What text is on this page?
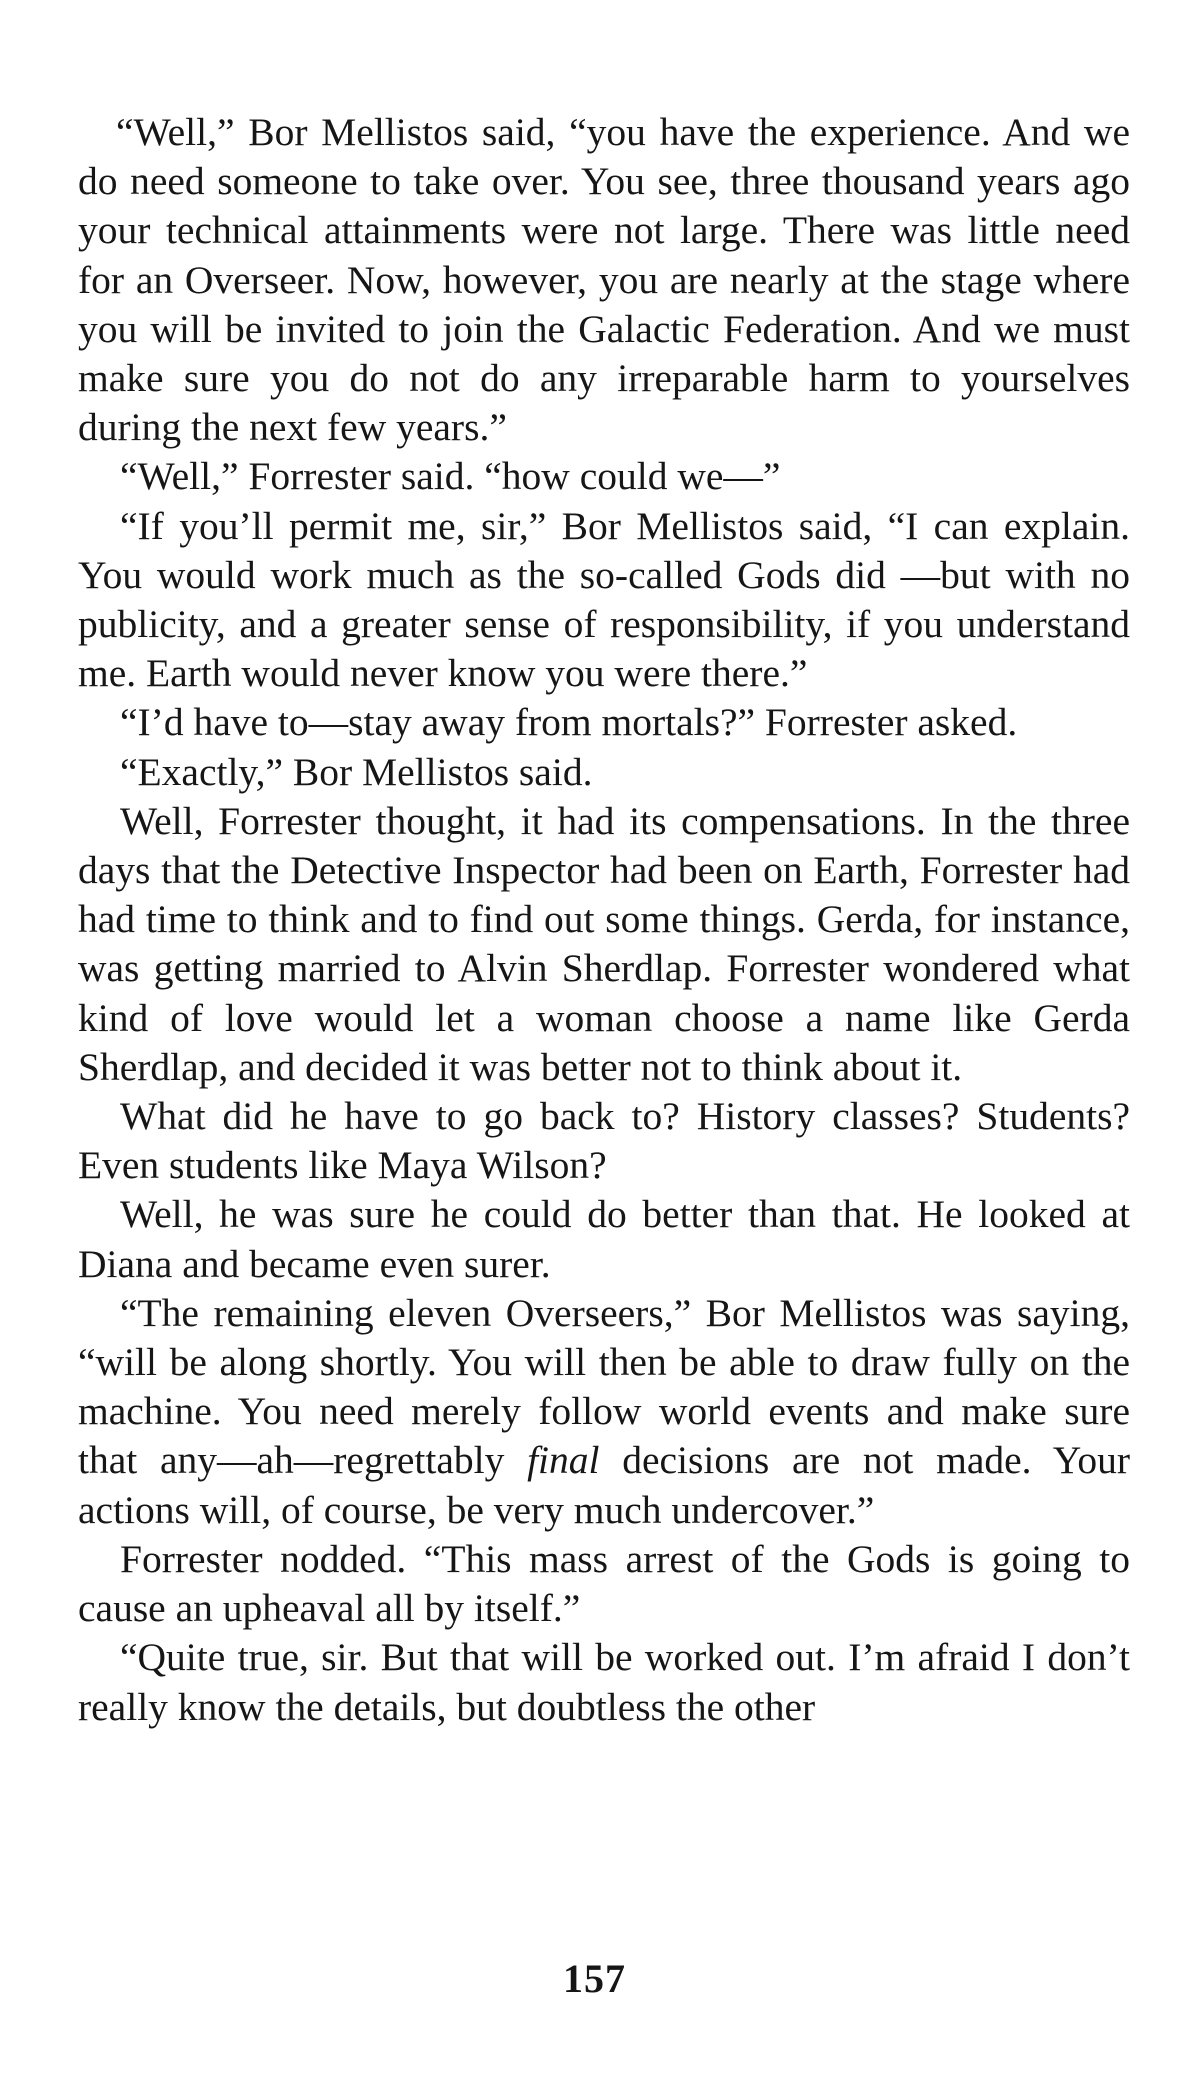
“Well,” Bor Mellistos said, “you have the experience. And we do need someone to take over. You see, three thousand years ago your technical attainments were not large. There was little need for an Overseer. Now, however, you are nearly at the stage where you will be invited to join the Galactic Federation. And we must make sure you do not do any irreparable harm to yourselves during the next few years.”

“Well,” Forrester said. “how could we—”

“If you’ll permit me, sir,” Bor Mellistos said, “I can explain. You would work much as the so-called Gods did —but with no publicity, and a greater sense of responsibility, if you understand me. Earth would never know you were there.”

“I’d have to—stay away from mortals?” Forrester asked.

“Exactly,” Bor Mellistos said.

Well, Forrester thought, it had its compensations. In the three days that the Detective Inspector had been on Earth, Forrester had had time to think and to find out some things. Gerda, for instance, was getting married to Alvin Sherdlap. Forrester wondered what kind of love would let a woman choose a name like Gerda Sherdlap, and decided it was better not to think about it.

What did he have to go back to? History classes? Students? Even students like Maya Wilson?

Well, he was sure he could do better than that. He looked at Diana and became even surer.

“The remaining eleven Overseers,” Bor Mellistos was saying, “will be along shortly. You will then be able to draw fully on the machine. You need merely follow world events and make sure that any—ah—regrettably final decisions are not made. Your actions will, of course, be very much undercover.”

Forrester nodded. “This mass arrest of the Gods is going to cause an upheaval all by itself.”

“Quite true, sir. But that will be worked out. I’m afraid I don’t really know the details, but doubtless the other

157
